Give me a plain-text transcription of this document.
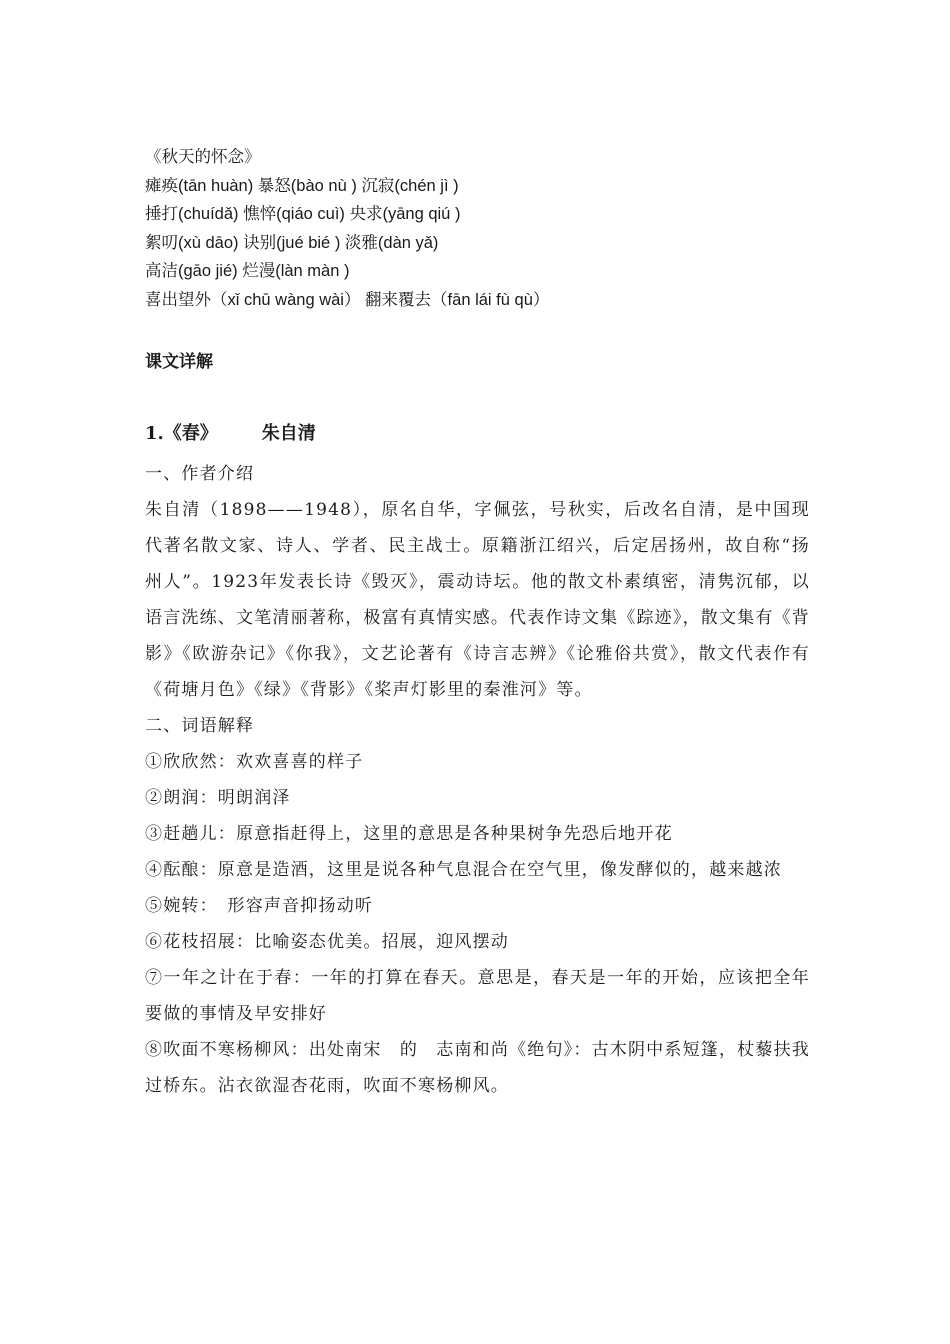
《秋天的怀念》
瘫痪(tān huàn) 暴怒(bào nù ) 沉寂(chén jì )
捶打(chuídǎ) 憔悴(qiáo cuì) 央求(yāng qiú )
絮叨(xù dāo) 诀别(jué bié ) 淡雅(dàn yǎ)
高洁(gāo jié) 烂漫(làn màn )
喜出望外（xǐ chū wàng wài） 翻来覆去（fān lái fù qù）
课文详解
1.《春》 朱自清

一、作者介绍

朱自清（1898——1948），原名自华，字佩弦，号秋实，后改名自清，是中国现代著名散文家、诗人、学者、民主战士。原籍浙江绍兴，后定居扬州，故自称“扬州人”。1923年发表长诗《毁灭》，震动诗坛。他的散文朴素缜密，清隽沉郁，以语言洗练、文笔清丽著称，极富有真情实感。代表作诗文集《踪迹》，散文集有《背影》《欧游杂记》《你我》，文艺论著有《诗言志辨》《论雅俗共赏》，散文代表作有《荷塘月色》《绿》《背影》《桨声灯影里的秦淮河》等。

二、词语解释

①欣欣然：欢欢喜喜的样子

②朗润：明朗润泽

③赶趟儿：原意指赶得上，这里的意思是各种果树争先恐后地开花

④酝酿：原意是造酒，这里是说各种气息混合在空气里，像发酵似的，越来越浓

⑤婉转：　形容声音抑扬动听

⑥花枝招展：比喻姿态优美。招展，迎风摆动

⑦一年之计在于春：一年的打算在春天。意思是，春天是一年的开始，应该把全年要做的事情及早安排好

⑧吹面不寒杨柳风：出处南宋　的　志南和尚《绝句》：古木阴中系短篷，杖藜扶我过桥东。沾衣欲湿杏花雨，吹面不寒杨柳风。
